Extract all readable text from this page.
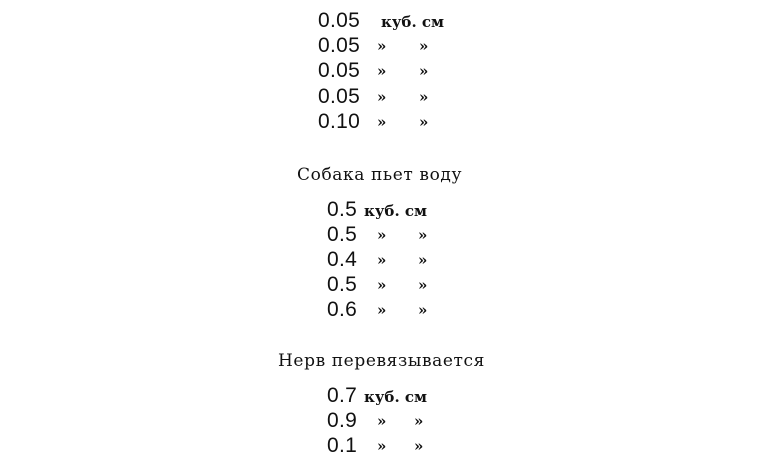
0.05 куб. см
0.05 » »
0.05 » »
0.05 » »
0.10 » »
Собака пьет воду
0.5 куб. см
0.5 » »
0.4 » »
0.5 » »
0.6 » »
Нерв перевязывается
0.7 куб. см
0.9 » »
0.1 » »
